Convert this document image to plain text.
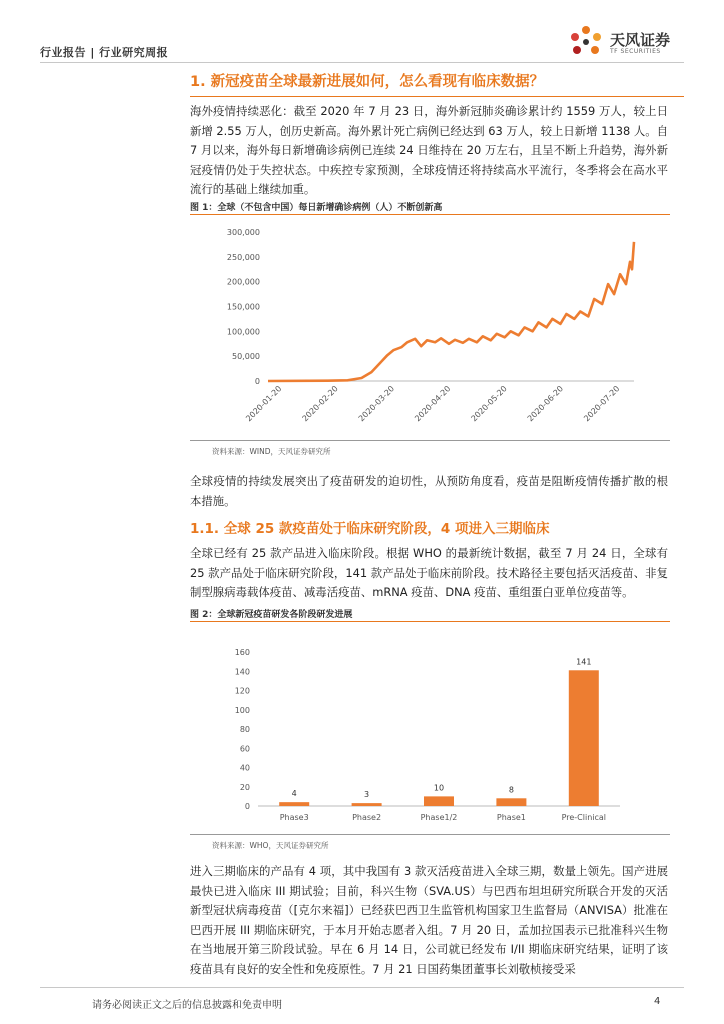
行业报告 | 行业研究周报
天风证券
TF SECURITIES
1. 新冠疫苗全球最新进展如何，怎么看现有临床数据？
海外疫情持续恶化：截至 2020 年 7 月 23 日，海外新冠肺炎确诊累计约 1559 万人，较上日新增 2.55 万人，创历史新高。海外累计死亡病例已经达到 63 万人，较上日新增 1138 人。自 7 月以来，海外每日新增确诊病例已连续 24 日维持在 20 万左右，且呈不断上升趋势，海外新冠疫情仍处于失控状态。中疾控专家预测，全球疫情还将持续高水平流行，冬季将会在高水平流行的基础上继续加重。
图 1：全球（不包含中国）每日新增确诊病例（人）不断创新高
300,000
250,000
200,000
150,000
100,000
50,000
0
2020-01-20 2020-02-20 2020-03-20 2020-04-20 2020-05-20 2020-06-20 2020-07-20
资料来源：WIND，天风证券研究所
全球疫情的持续发展突出了疫苗研发的迫切性，从预防角度看，疫苗是阻断疫情传播扩散的根本措施。
1.1. 全球 25 款疫苗处于临床研究阶段，4 项进入三期临床
全球已经有 25 款产品进入临床阶段。根据 WHO 的最新统计数据，截至 7 月 24 日，全球有 25 款产品处于临床研究阶段，141 款产品处于临床前阶段。技术路径主要包括灭活疫苗、非复制型腺病毒载体疫苗、减毒活疫苗、mRNA 疫苗、DNA 疫苗、重组蛋白亚单位疫苗等。
图 2：全球新冠疫苗研发各阶段研发进展
0
20
40
60
80
100
120
140
160
4
Phase3
3
Phase2
10
Phase1/2
8
Phase1
141
Pre-Clinical
资料来源：WHO，天风证券研究所
进入三期临床的产品有 4 项，其中我国有 3 款灭活疫苗进入全球三期，数量上领先。国产进展最快已进入临床 III 期试验；目前，科兴生物（SVA.US）与巴西布坦坦研究所联合开发的灭活新型冠状病毒疫苗（[克尔来福]）已经获巴西卫生监管机构国家卫生监督局（ANVISA）批准在巴西开展 III 期临床研究，于本月开始志愿者入组。7 月 20 日，孟加拉国表示已批准科兴生物在当地展开第三阶段试验。早在 6 月 14 日，公司就已经发布 I/II 期临床研究结果，证明了该疫苗具有良好的安全性和免疫原性。7 月 21 日国药集团董事长刘敬桢接受采
请务必阅读正文之后的信息披露和免责申明	4
